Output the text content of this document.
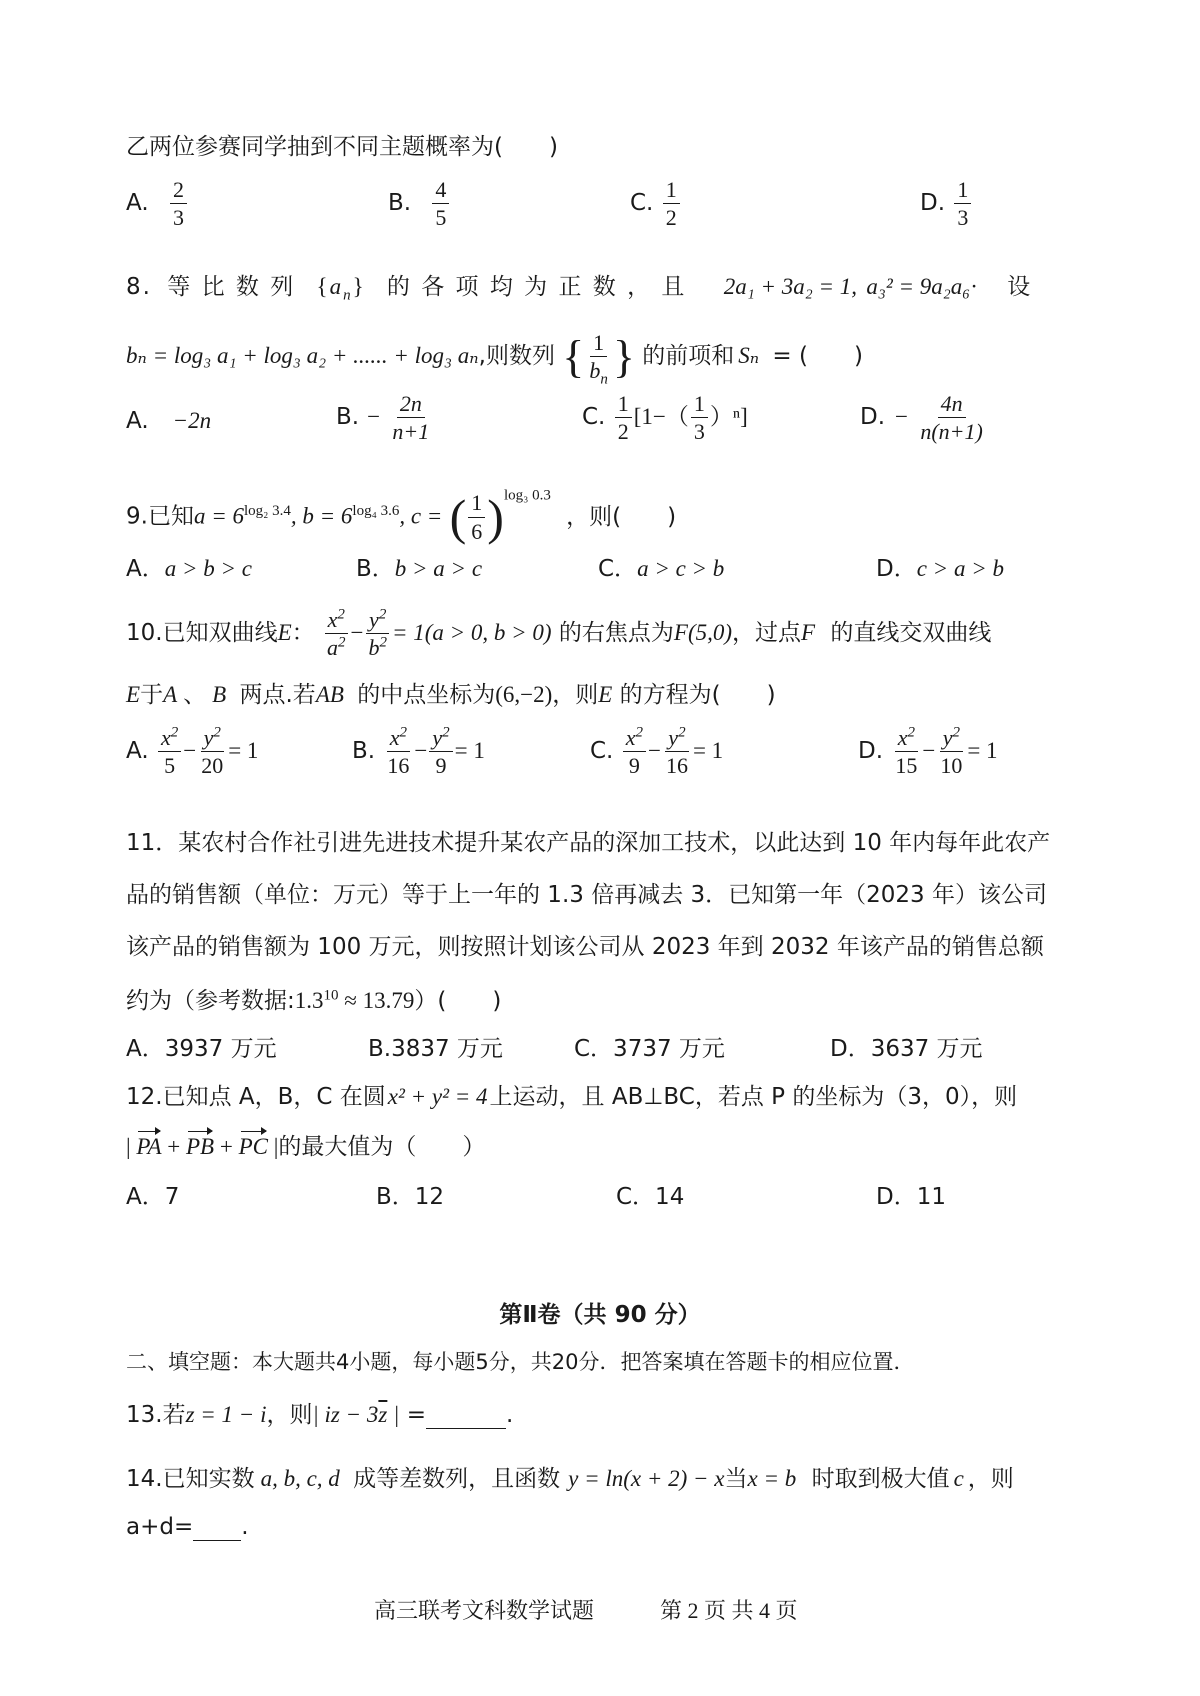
乙两位参赛同学抽到不同主题概率为(　　)
A. $\frac{2}{3}$	B. $\frac{4}{5}$	C. $\frac{1}{2}$	D. $\frac{1}{3}$
8. 等 比 数 列 $\{a_n\}$ 的 各 项 均 为 正 数 ， 且 2a₁ + 3a₂ = 1, a₃² = 9a₂a₆· 设
bₙ = log₃ a₁ + log₃ a₂ + ...... + log₃ aₙ,则数列 { $\frac{1}{b_n}$ } 的前项和 Sₙ = (　　)
A. −2n	B. − $\frac{2n}{n+1}$	C. $\frac{1}{2} [1-( \frac{1}{3} )^n]$	D. − $\frac{4n}{n(n+1)}$
9.已知$a = 6^{log_2 3.4}$, $b = 6^{log_4 3.6}$, c = ( $\frac{1}{6} )^{log_3 0.3}$ ，则(　　)
A．a > b > c	B．b > a > c	C．a > c > b	D．c > a > b
10.已知双曲线E： $\frac{x^2}{a^2} - \frac{y^2}{b^2} = 1(a > 0$, b > 0) 的右焦点为F(5,0)，过点F 的直线交双曲线
E于A 、 B 两点.若AB 的中点坐标为(6,−2)，则E 的方程为(　　)
A. $\frac{x^2}{5} - \frac{y^2}{20} = 1$	B. $\frac{x^2}{16} - \frac{y^2}{9} = 1$	C. $\frac{x^2}{9} - \frac{y^2}{16} = 1$	D. $\frac{x^2}{15} - \frac{y^2}{10} = 1$
11．某农村合作社引进先进技术提升某农产品的深加工技术，以此达到 10 年内每年此农产
品的销售额（单位：万元）等于上一年的 1.3 倍再减去 3．已知第一年（2023 年）该公司
该产品的销售额为 100 万元，则按照计划该公司从 2023 年到 2032 年该产品的销售总额
约为（参考数据$:1.3^{10} \approx 13.79$）(　　)
A．3937 万元	B.3837 万元	C．3737 万元	D．3637 万元
12.已知点 A，B，C 在圆x² + y² = 4上运动，且 AB⊥BC，若点 P 的坐标为（3，0），则
| PA + PB + PC |的最大值为（　　）
A．7	B．12	C．14	D．11
第Ⅱ卷（共 90 分）
二、填空题：本大题共4小题，每小题5分，共20分．把答案填在答题卡的相应位置．
13.若z = 1 − i，则| iz − $3\overline{z}$ | =	.
14.已知实数 a, b, c, d 成等差数列，且函数 y = ln(x + 2) − x当x = b 时取到极大值 c ，则
a+d= .
高三联考文科数学试题	第 2 页 共 4 页
